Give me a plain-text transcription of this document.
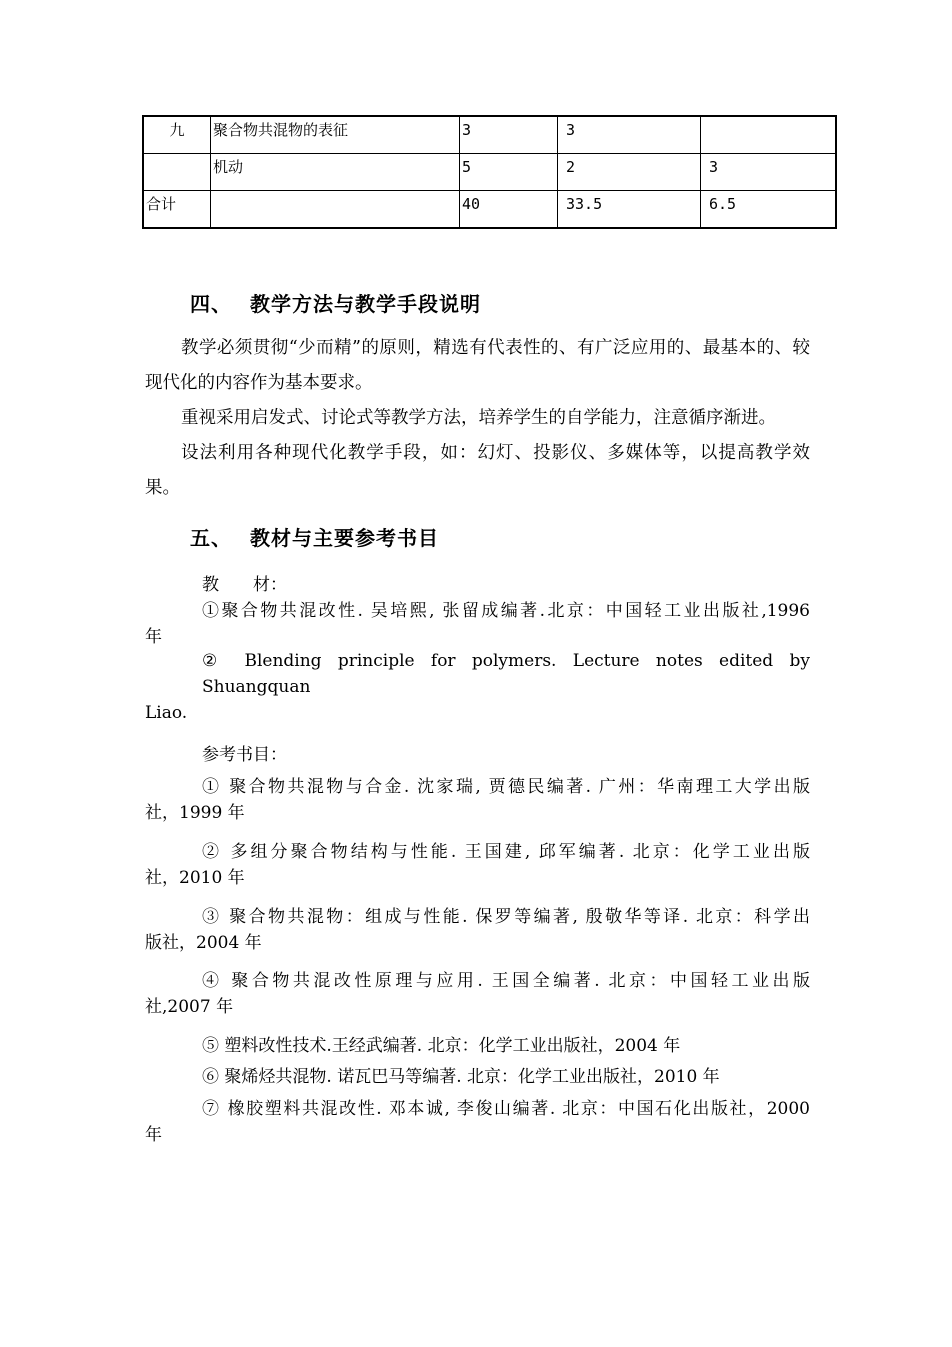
九	聚合物共混物的表征	3	3	
	机动	5	2	3
合计		40	33.5	6.5
四、 教学方法与教学手段说明
教学必须贯彻“少而精”的原则，精选有代表性的、有广泛应用的、最基本的、较现代化的内容作为基本要求。
重视采用启发式、讨论式等教学方法，培养学生的自学能力，注意循序渐进。
设法利用各种现代化教学手段，如：幻灯、投影仪、多媒体等，以提高教学效果。
五、 教材与主要参考书目
教　　材：
①聚合物共混改性. 吴培熙, 张留成编著.北京：中国轻工业出版社,1996
年
② Blending principle for polymers. Lecture notes edited by Shuangquan
Liao.
参考书目：
① 聚合物共混物与合金. 沈家瑞, 贾德民编著. 广州：华南理工大学出版
社，1999 年
② 多组分聚合物结构与性能. 王国建, 邱军编著. 北京：化学工业出版
社，2010 年
③ 聚合物共混物：组成与性能. 保罗等编著, 殷敬华等译. 北京：科学出
版社，2004 年
④ 聚合物共混改性原理与应用. 王国全编著. 北京：中国轻工业出版
社,2007 年
⑤ 塑料改性技术.王经武编著. 北京：化学工业出版社，2004 年
⑥ 聚烯烃共混物. 诺瓦巴马等编著. 北京：化学工业出版社，2010 年
⑦ 橡胶塑料共混改性. 邓本诚, 李俊山编著. 北京：中国石化出版社，2000
年
